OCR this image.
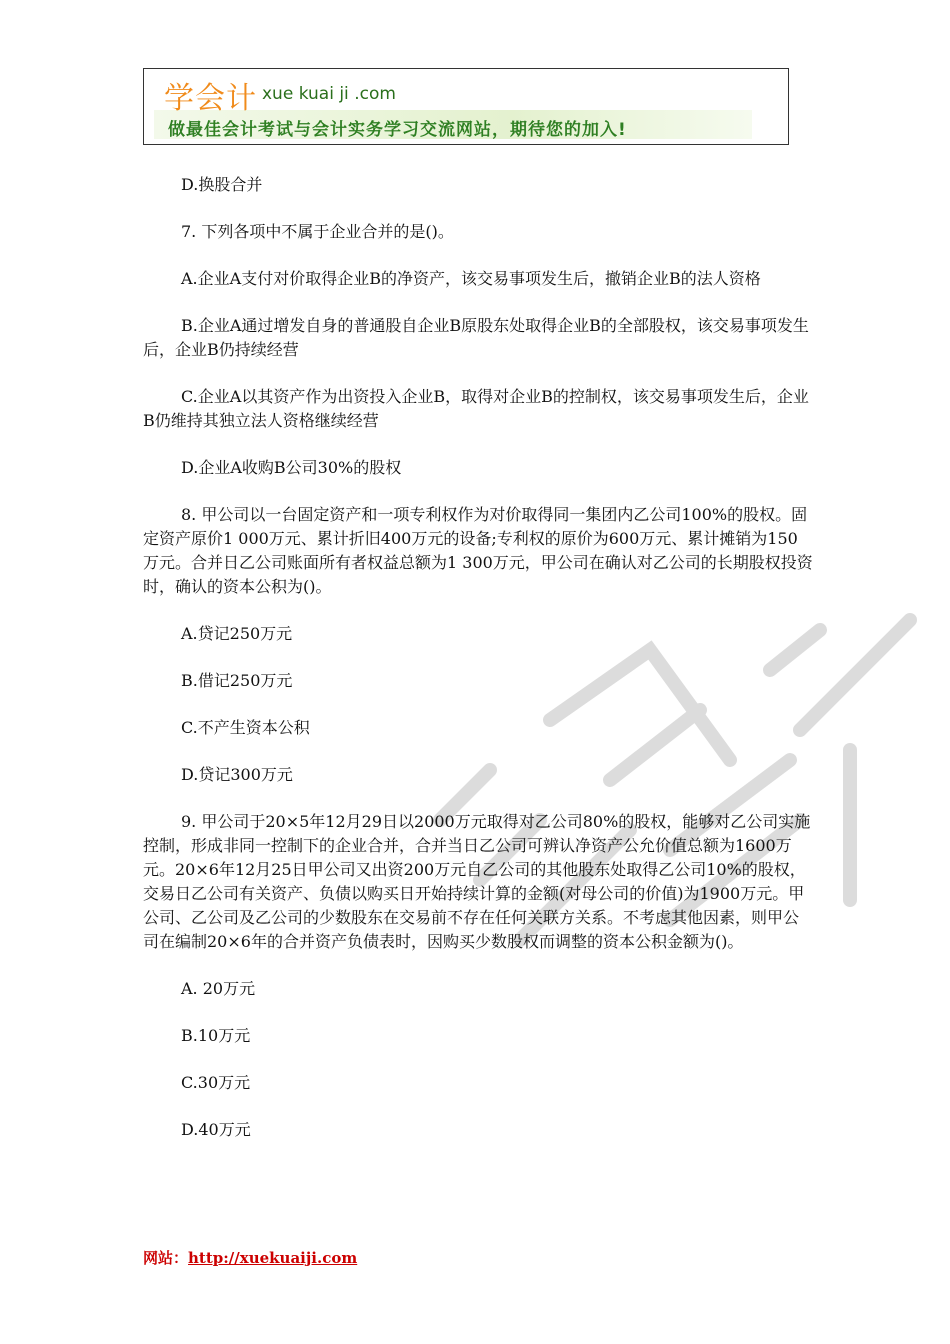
学会计 xue kuai ji .com
做最佳会计考试与会计实务学习交流网站，期待您的加入!

D.换股合并

7. 下列各项中不属于企业合并的是()。

A.企业A支付对价取得企业B的净资产，该交易事项发生后，撤销企业B的法人资格

B.企业A通过增发自身的普通股自企业B原股东处取得企业B的全部股权，该交易事项发生后，企业B仍持续经营

C.企业A以其资产作为出资投入企业B，取得对企业B的控制权，该交易事项发生后，企业B仍维持其独立法人资格继续经营

D.企业A收购B公司30%的股权

8. 甲公司以一台固定资产和一项专利权作为对价取得同一集团内乙公司100%的股权。固定资产原价1 000万元、累计折旧400万元的设备;专利权的原价为600万元、累计摊销为150万元。合并日乙公司账面所有者权益总额为1 300万元，甲公司在确认对乙公司的长期股权投资时，确认的资本公积为()。

A.贷记250万元

B.借记250万元

C.不产生资本公积

D.贷记300万元

9. 甲公司于20×5年12月29日以2000万元取得对乙公司80%的股权，能够对乙公司实施控制，形成非同一控制下的企业合并，合并当日乙公司可辨认净资产公允价值总额为1600万元。20×6年12月25日甲公司又出资200万元自乙公司的其他股东处取得乙公司10%的股权，交易日乙公司有关资产、负债以购买日开始持续计算的金额(对母公司的价值)为1900万元。甲公司、乙公司及乙公司的少数股东在交易前不存在任何关联方关系。不考虑其他因素，则甲公司在编制20×6年的合并资产负债表时，因购买少数股权而调整的资本公积金额为()。

A. 20万元

B.10万元

C.30万元

D.40万元

网站：http://xuekuaiji.com
